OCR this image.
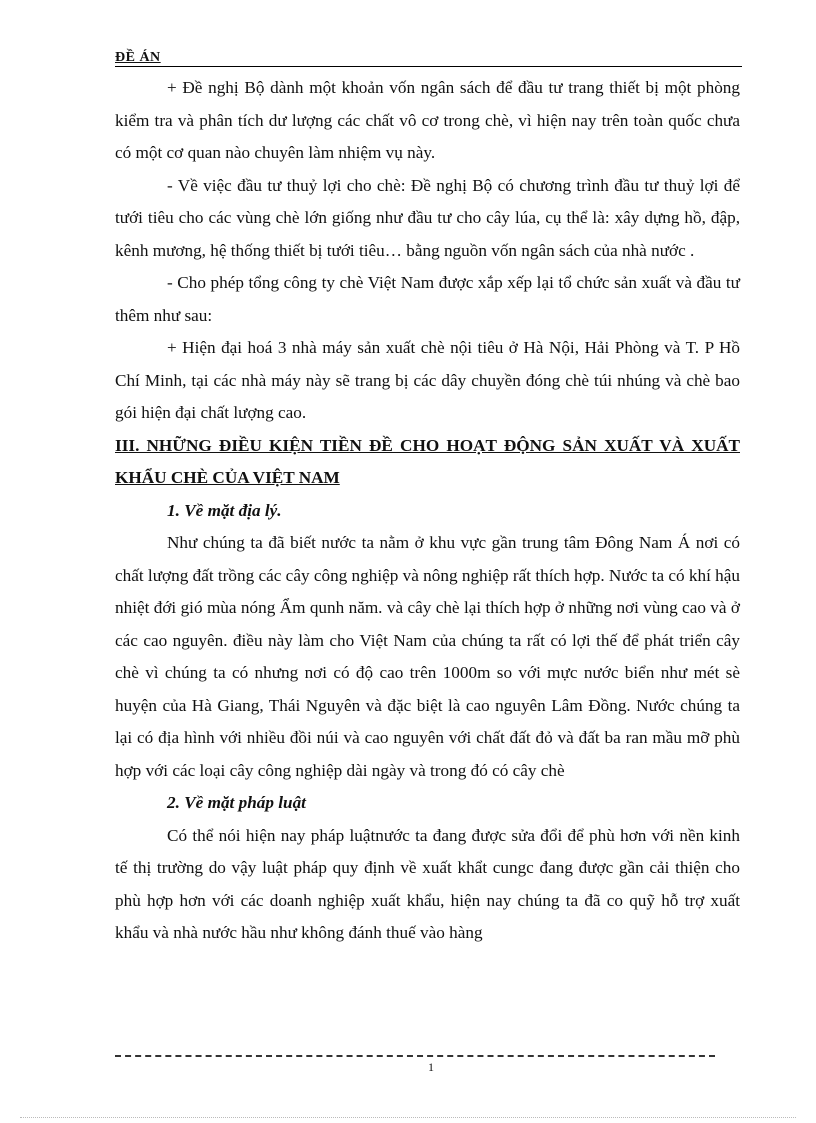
ĐỀ ÁN

+ Đề nghị Bộ dành một khoản vốn ngân sách để đầu tư trang thiết bị một phòng kiểm tra và phân tích dư lượng các chất vô cơ trong chè, vì hiện nay trên toàn quốc chưa có một cơ quan nào chuyên làm nhiệm vụ này.

- Về việc đầu tư thuỷ lợi cho chè: Đề nghị Bộ có chương trình đầu tư thuỷ lợi để tưới tiêu cho các vùng chè lớn giống như đầu tư cho cây lúa, cụ thể là: xây dựng hồ, đập, kênh mương, hệ thống thiết bị tưới tiêu… bằng nguồn vốn ngân sách của nhà nước .

- Cho phép tổng công ty chè Việt Nam được xắp xếp lại tổ chức sản xuất và đầu tư thêm như sau:

+ Hiện đại hoá 3 nhà máy sản xuất chè nội tiêu ở Hà Nội, Hải Phòng và T. P Hồ Chí Minh, tại các nhà máy này sẽ trang bị các dây chuyền đóng chè túi nhúng và chè bao gói hiện đại chất lượng cao.

III. NHỮNG ĐIỀU KIỆN TIỀN ĐỀ CHO HOẠT ĐỘNG SẢN XUẤT VÀ XUẤT KHẨU CHÈ CỦA VIỆT NAM

1. Về mặt địa lý.

Như chúng ta đã biết nước ta nằm ở khu vực gần trung tâm Đông Nam Á nơi có chất lượng đất trồng các cây công nghiệp và nông nghiệp rất thích hợp. Nước ta có khí hậu nhiệt đới gió mùa nóng Ẩm qunh năm. và cây chè lại thích hợp ở những nơi vùng cao và ở các cao nguyên. điều này làm cho Việt Nam của chúng ta rất có lợi thế để phát triển cây chè vì chúng ta có nhưng nơi có độ cao trên 1000m so với mực nước biển như mét sè huyện của Hà Giang, Thái Nguyên và đặc biệt là cao nguyên Lâm Đồng. Nước chúng ta lại có địa hình với nhiều đồi núi và cao nguyên với chất đất đỏ và đất ba ran mầu mỡ phù hợp với các loại cây công nghiệp dài ngày và trong đó có cây chè

2. Về mặt pháp luật

Có thể nói hiện nay pháp luậtnước ta đang được sửa đổi để phù hơn với nền kinh tế thị trường do vậy luật pháp quy định về xuất khẩt cungc đang được gần cải thiện cho phù hợp hơn với các doanh nghiệp xuất khẩu, hiện nay chúng ta đã co quỹ hỗ trợ xuất khẩu và nhà nước hầu như không đánh thuế vào hàng

1
